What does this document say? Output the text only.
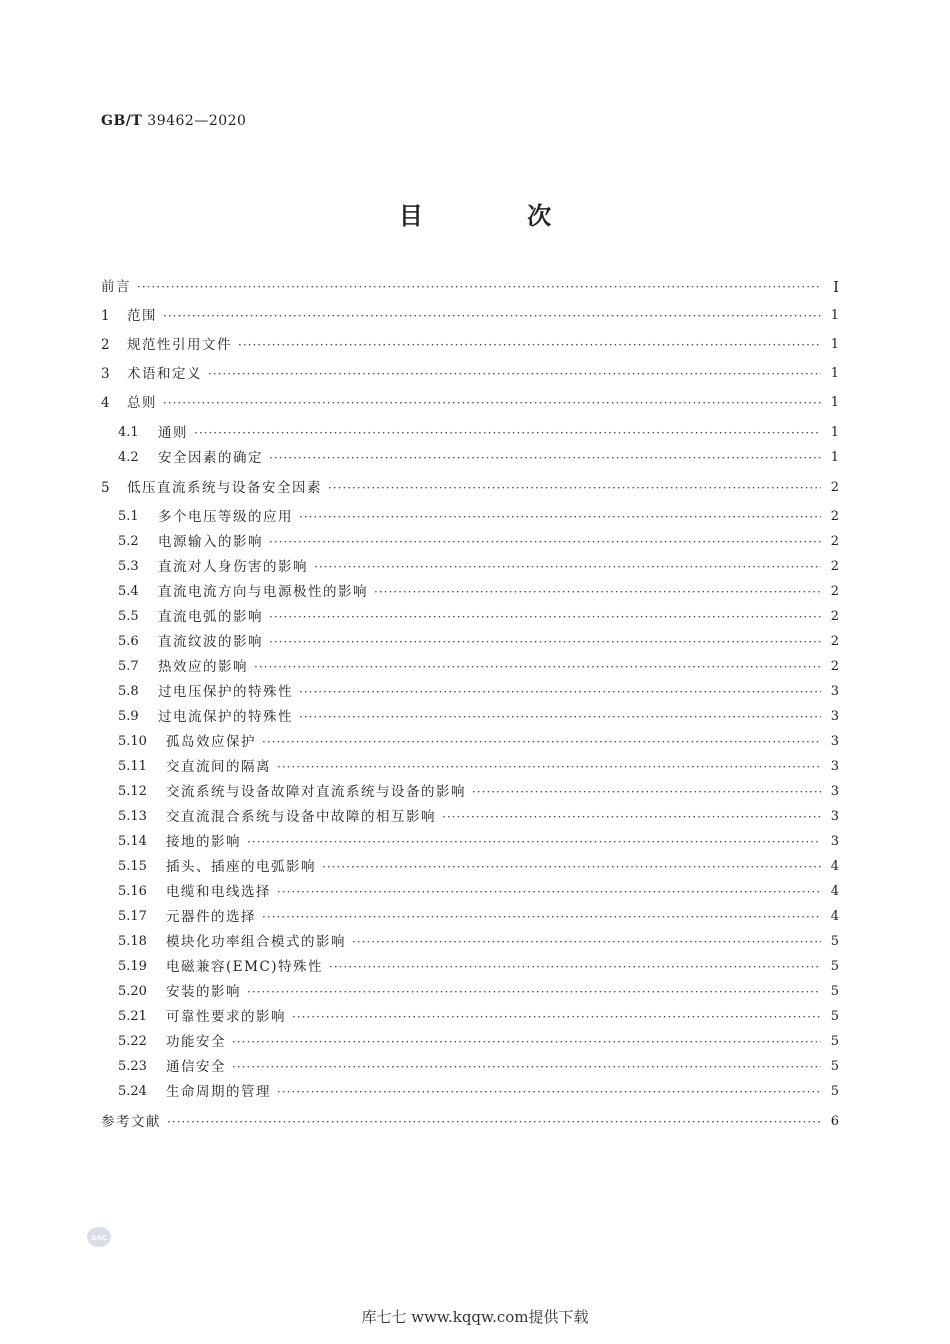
GB/T 39462—2020
目 次
前言 ·····	I
1	范围 ·····	1
2	规范性引用文件 ·····	1
3	术语和定义 ·····	1
4	总则 ·····	1
4.1	通则 ·····	1
4.2	安全因素的确定 ·····	1
5	低压直流系统与设备安全因素 ·····	2
5.1	多个电压等级的应用 ·····	2
5.2	电源输入的影响 ·····	2
5.3	直流对人身伤害的影响 ·····	2
5.4	直流电流方向与电源极性的影响 ·····	2
5.5	直流电弧的影响 ·····	2
5.6	直流纹波的影响 ·····	2
5.7	热效应的影响 ·····	2
5.8	过电压保护的特殊性 ·····	3
5.9	过电流保护的特殊性 ·····	3
5.10	孤岛效应保护 ·····	3
5.11	交直流间的隔离 ·····	3
5.12	交流系统与设备故障对直流系统与设备的影响 ·····	3
5.13	交直流混合系统与设备中故障的相互影响 ·····	3
5.14	接地的影响 ·····	3
5.15	插头、插座的电弧影响 ·····	4
5.16	电缆和电线选择 ·····	4
5.17	元器件的选择 ·····	4
5.18	模块化功率组合模式的影响 ·····	5
5.19	电磁兼容(EMC)特殊性 ·····	5
5.20	安装的影响 ·····	5
5.21	可靠性要求的影响 ·····	5
5.22	功能安全 ·····	5
5.23	通信安全 ·····	5
5.24	生命周期的管理 ·····	5
参考文献 ·····	6
SAC
库七七 www.kqqw.com提供下载
